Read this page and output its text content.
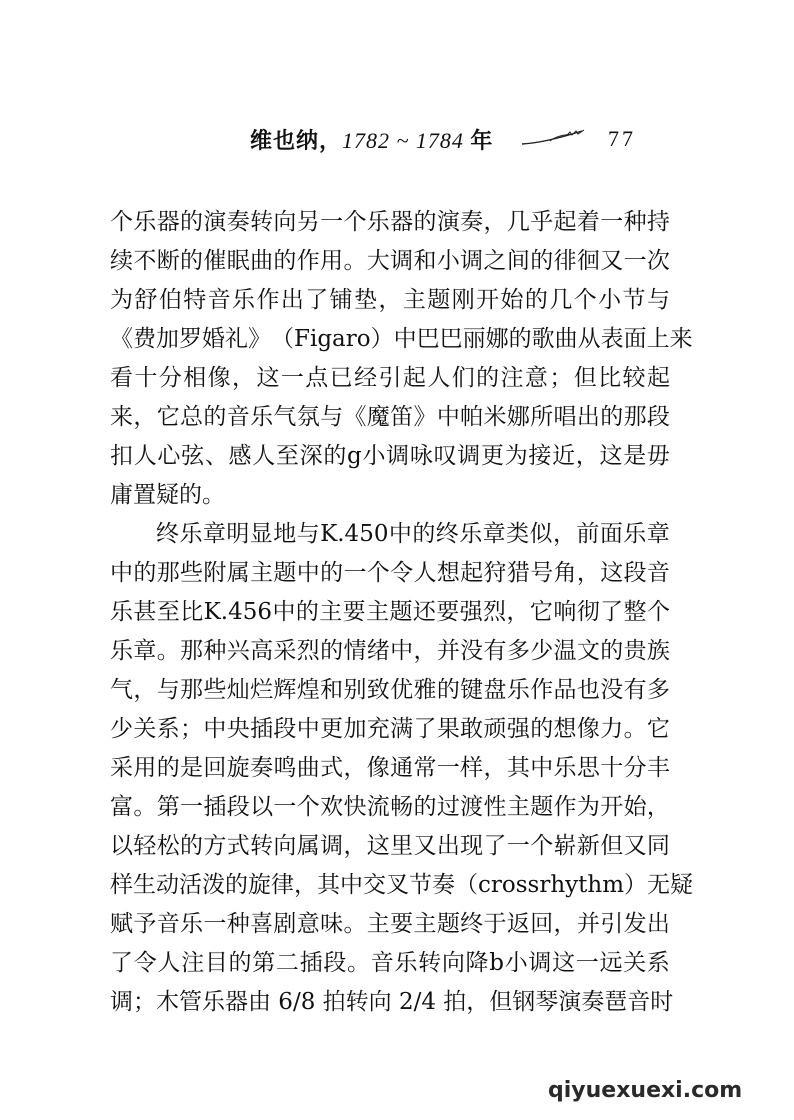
维也纳，1782 ~ 1784 年	77
个 乐 器 的 演 奏 转 向 另 一 个 乐 器 的 演 奏 ， 几 乎 起 着 一 种 持
续 不 断 的 催 眠 曲 的 作 用 。 大 调 和 小 调 之 间 的 徘 徊 又 一 次
为 舒 伯 特 音 乐 作 出 了 铺 垫 ， 主 题 刚 开 始 的 几 个 小 节 与
《 费 加 罗 婚 礼 》 （ Figaro ） 中 巴 巴 丽 娜 的 歌 曲 从 表 面 上 来
看 十 分 相 像 ， 这 一 点 已 经 引 起 人 们 的 注 意 ； 但 比 较 起
来 ， 它 总 的 音 乐 气 氛 与 《 魔 笛 》 中 帕 米 娜 所 唱 出 的 那 段
扣 人 心 弦 、 感 人 至 深 的 g 小 调 咏 叹 调 更 为 接 近 ， 这 是 毋
庸置疑的。
终 乐 章 明 显 地 与 K.450 中 的 终 乐 章 类 似 ， 前 面 乐 章
中 的 那 些 附 属 主 题 中 的 一 个 令 人 想 起 狩 猎 号 角 ， 这 段 音
乐 甚 至 比 K.456 中 的 主 要 主 题 还 要 强 烈 ， 它 响 彻 了 整 个
乐 章 。 那 种 兴 高 采 烈 的 情 绪 中 ， 并 没 有 多 少 温 文 的 贵 族
气 ， 与 那 些 灿 烂 辉 煌 和 别 致 优 雅 的 键 盘 乐 作 品 也 没 有 多
少 关 系 ； 中 央 插 段 中 更 加 充 满 了 果 敢 顽 强 的 想 像 力 。 它
采 用 的 是 回 旋 奏 鸣 曲 式 ， 像 通 常 一 样 ， 其 中 乐 思 十 分 丰
富 。 第 一 插 段 以 一 个 欢 快 流 畅 的 过 渡 性 主 题 作 为 开 始 ，
以 轻 松 的 方 式 转 向 属 调 ， 这 里 又 出 现 了 一 个 崭 新 但 又 同
样 生 动 活 泼 的 旋 律 ， 其 中 交 叉 节 奏 （ cross rhythm ） 无 疑
赋 予 音 乐 一 种 喜 剧 意 味 。 主 要 主 题 终 于 返 回 ， 并 引 发 出
了 令 人 注 目 的 第 二 插 段 。 音 乐 转 向 降 b 小 调 这 一 远 关 系
调；木管乐器由 6/8 拍转向 2/4 拍，但钢琴演奏琶音时
qiyuexuexi.com
